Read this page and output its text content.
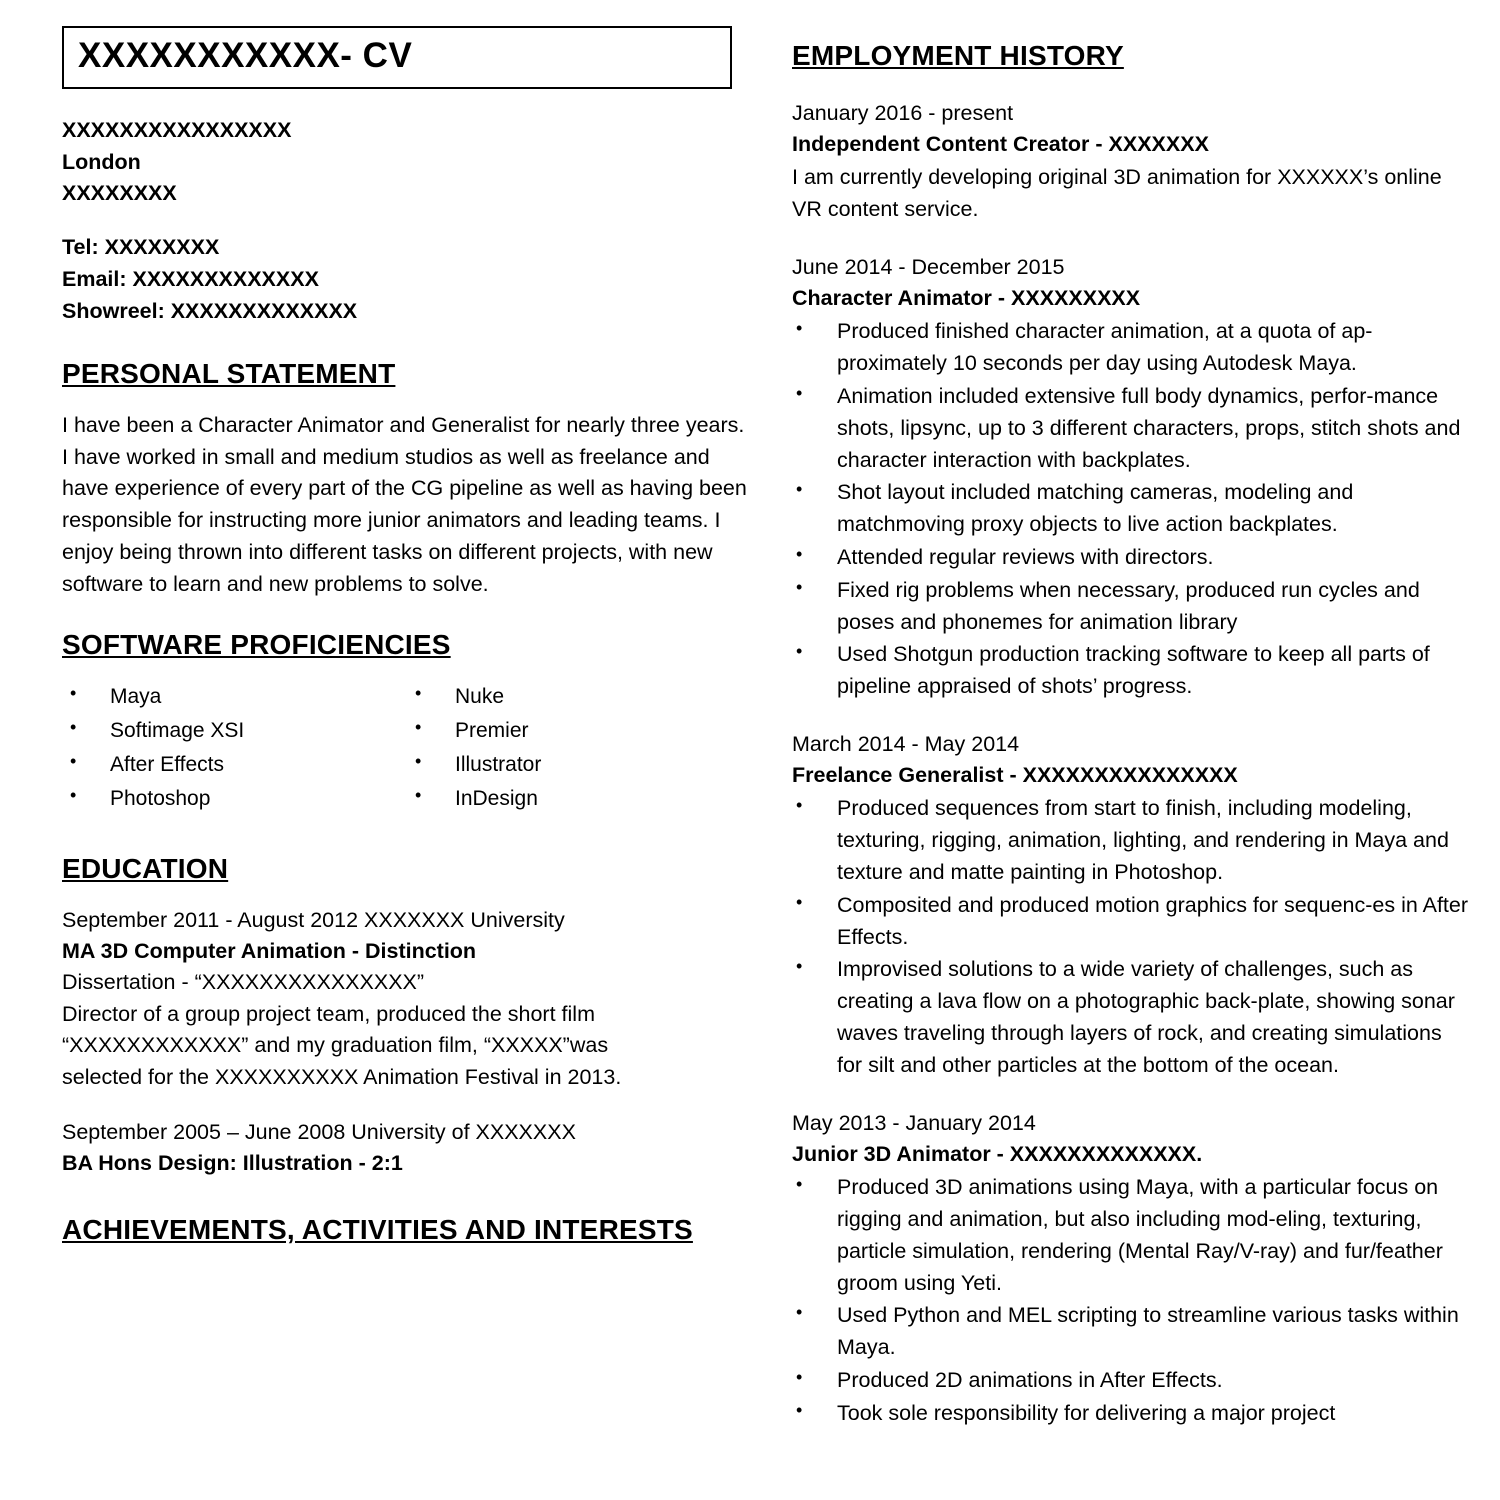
XXXXXXXXXXX- CV
XXXXXXXXXXXXXXXX
London
XXXXXXXX
Tel: XXXXXXXX
Email: XXXXXXXXXXXXX
Showreel: XXXXXXXXXXXXX
PERSONAL STATEMENT

I have been a Character Animator and Generalist for nearly three years. I have worked in small and medium studios as well as freelance and have experience of every part of the CG pipeline as well as having been responsible for instructing more junior animators and leading teams. I enjoy being thrown into different tasks on different projects, with new software to learn and new problems to solve.

SOFTWARE PROFICIENCIES
• Maya
• Softimage XSI
• After Effects
• Photoshop
• Nuke
• Premier
• Illustrator
• InDesign
EDUCATION
September 2011 - August 2012 XXXXXXX University
MA 3D Computer Animation - Distinction
Dissertation - “XXXXXXXXXXXXXXX”
Director of a group project team, produced the short film
“XXXXXXXXXXXX” and my graduation film, “XXXXX”was
selected for the XXXXXXXXXX Animation Festival in 2013.
September 2005 – June 2008 University of XXXXXXX
BA Hons Design: Illustration - 2:1
ACHIEVEMENTS, ACTIVITIES AND INTERESTS
EMPLOYMENT HISTORY
January 2016 - present
Independent Content Creator - XXXXXXX
I am currently developing original 3D animation for XXXXXX’s online VR content service.
June 2014 - December 2015
Character Animator - XXXXXXXXX
• Produced finished character animation, at a quota of ap-proximately 10 seconds per day using Autodesk Maya.
• Animation included extensive full body dynamics, perfor-mance shots, lipsync, up to 3 different characters, props, stitch shots and character interaction with backplates.
• Shot layout included matching cameras, modeling and matchmoving proxy objects to live action backplates.
• Attended regular reviews with directors.
• Fixed rig problems when necessary, produced run cycles and poses and phonemes for animation library
• Used Shotgun production tracking software to keep all parts of pipeline appraised of shots’ progress.
March 2014 - May 2014
Freelance Generalist - XXXXXXXXXXXXXXX
• Produced sequences from start to finish, including modeling, texturing, rigging, animation, lighting, and rendering in Maya and texture and matte painting in Photoshop.
• Composited and produced motion graphics for sequenc-es in After Effects.
• Improvised solutions to a wide variety of challenges, such as creating a lava flow on a photographic back-plate, showing sonar waves traveling through layers of rock, and creating simulations for silt and other particles at the bottom of the ocean.
May 2013 - January 2014
Junior 3D Animator - XXXXXXXXXXXXX.
• Produced 3D animations using Maya, with a particular focus on rigging and animation, but also including mod-eling, texturing, particle simulation, rendering (Mental Ray/V-ray) and fur/feather groom using Yeti.
• Used Python and MEL scripting to streamline various tasks within Maya.
• Produced 2D animations in After Effects.
• Took sole responsibility for delivering a major project
